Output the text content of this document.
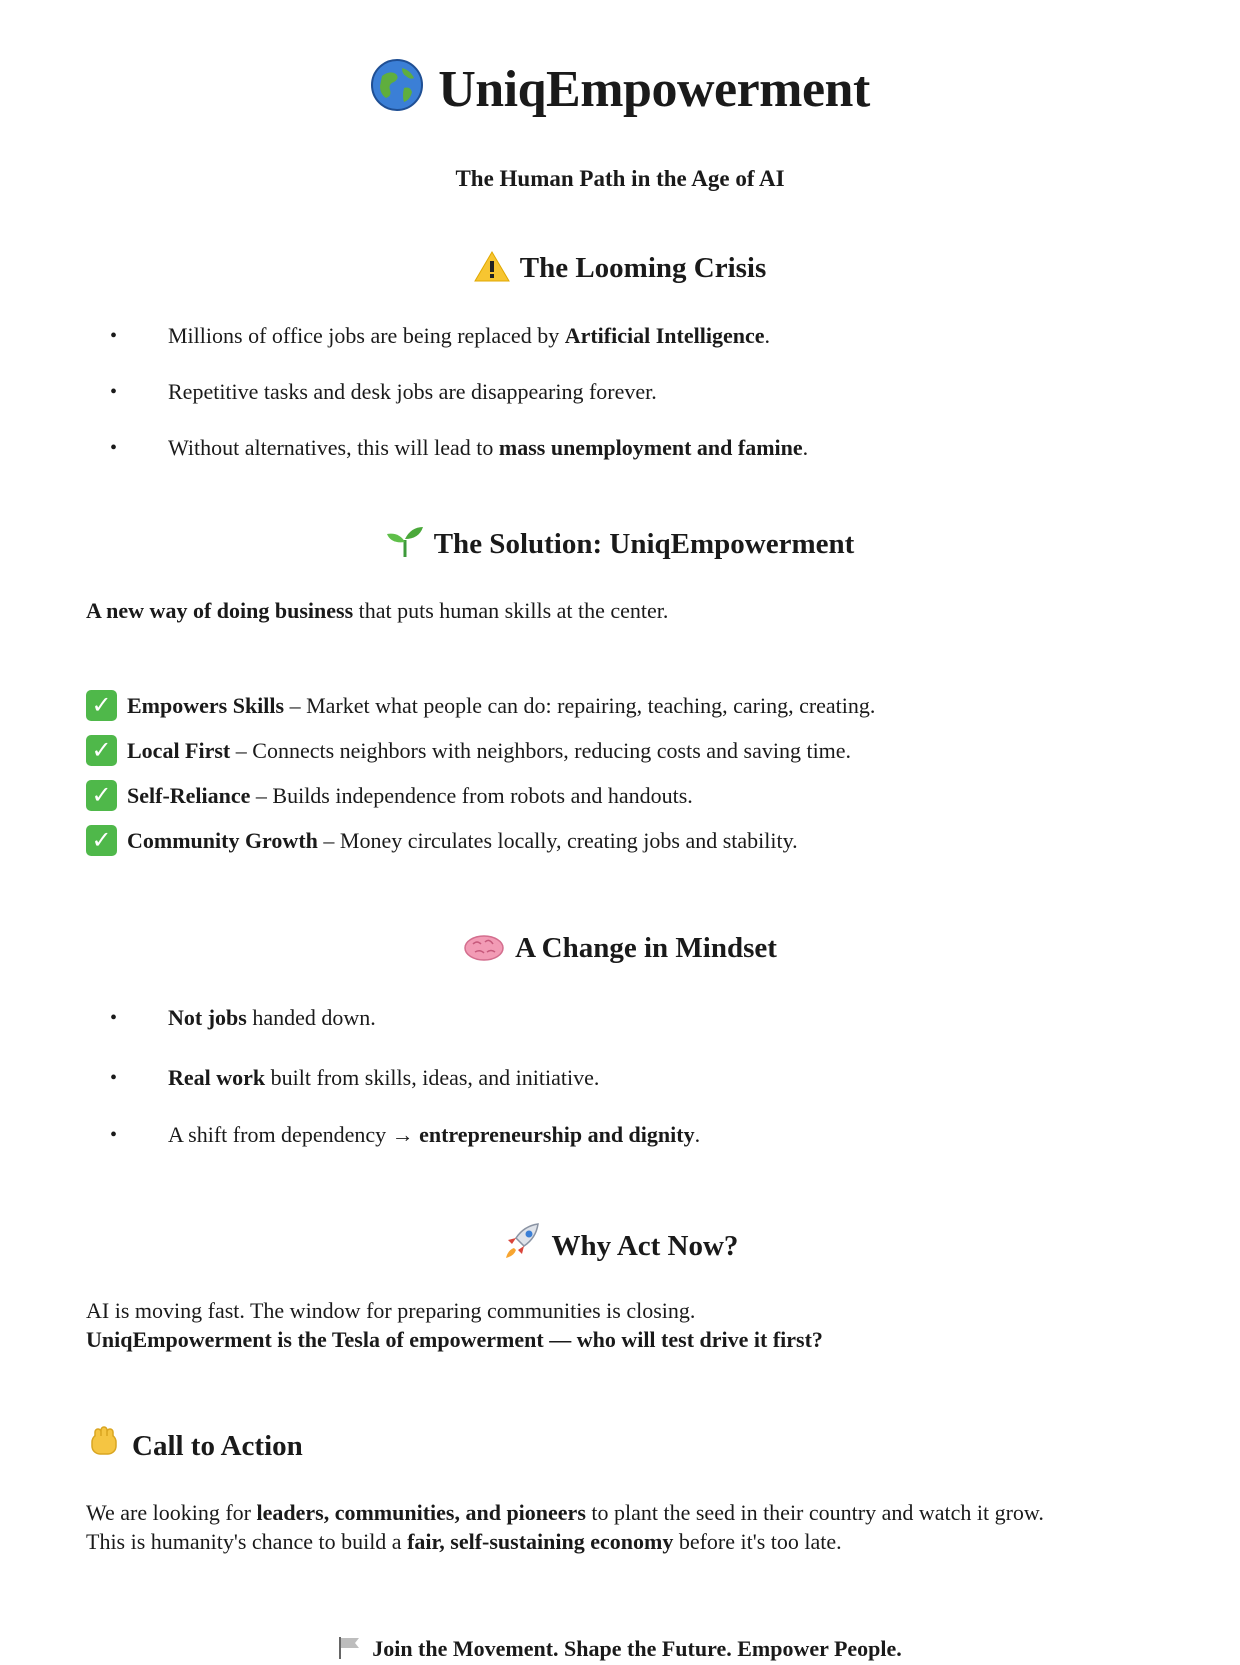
UniqEmpowerment
The Human Path in the Age of AI
The Looming Crisis
• Millions of office jobs are being replaced by Artificial Intelligence.
• Repetitive tasks and desk jobs are disappearing forever.
• Without alternatives, this will lead to mass unemployment and famine.
The Solution: UniqEmpowerment
A new way of doing business that puts human skills at the center.
✓ Empowers Skills – Market what people can do: repairing, teaching, caring, creating.
✓ Local First – Connects neighbors with neighbors, reducing costs and saving time.
✓ Self-Reliance – Builds independence from robots and handouts.
✓ Community Growth – Money circulates locally, creating jobs and stability.
A Change in Mindset
• Not jobs handed down.
• Real work built from skills, ideas, and initiative.
• A shift from dependency → entrepreneurship and dignity.
Why Act Now?
AI is moving fast. The window for preparing communities is closing.
UniqEmpowerment is the Tesla of empowerment — who will test drive it first?
Call to Action
We are looking for leaders, communities, and pioneers to plant the seed in their country and watch it grow.
This is humanity's chance to build a fair, self-sustaining economy before it's too late.
Join the Movement. Shape the Future. Empower People.
